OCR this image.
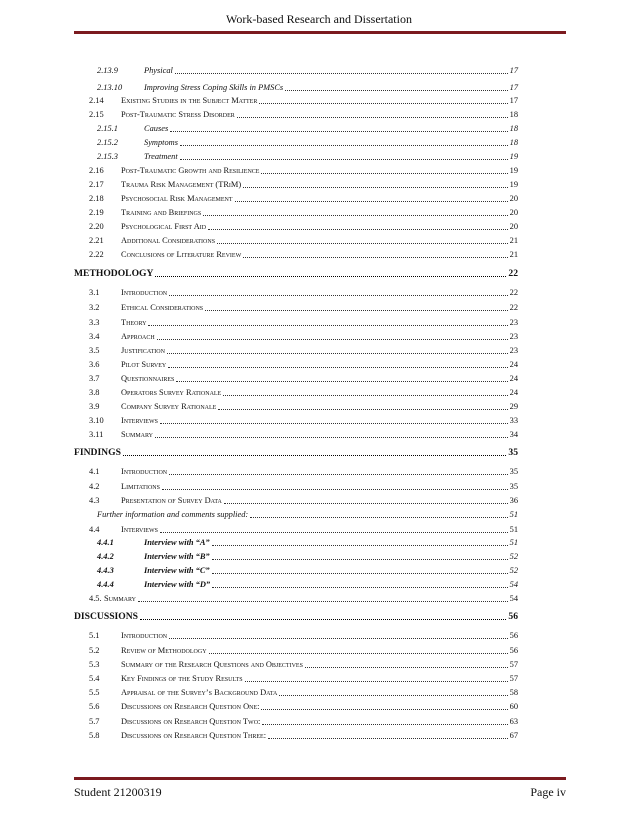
Work-based Research and Dissertation
2.13.9	Physical	17
2.13.10	Improving Stress Coping Skills in PMSCs	17
2.14	Existing Studies in the Subject Matter	17
2.15	Post-Traumatic Stress Disorder	18
2.15.1	Causes	18
2.15.2	Symptoms	18
2.15.3	Treatment	19
2.16	Post-Traumatic Growth and Resilience	19
2.17	Trauma Risk Management (TRiM)	19
2.18	Psychosocial Risk Management	20
2.19	Training and Briefings	20
2.20	Psychological First Aid	20
2.21	Additional Considerations	21
2.22	Conclusions of Literature Review	21
METHODOLOGY	22
3.1	Introduction	22
3.2	Ethical Considerations	22
3.3	Theory	23
3.4	Approach	23
3.5	Justification	23
3.6	Pilot Survey	24
3.7	Questionnaires	24
3.8	Operators Survey Rationale	24
3.9	Company Survey Rationale	29
3.10	Interviews	33
3.11	Summary	34
FINDINGS	35
4.1	Introduction	35
4.2	Limitations	35
4.3	Presentation of Survey Data	36
Further information and comments supplied:	51
4.4	Interviews	51
4.4.1	Interview with “A”	51
4.4.2	Interview with “B”	52
4.4.3	Interview with “C”	52
4.4.4	Interview with “D”	54
4.5. Summary	54
DISCUSSIONS	56
5.1	Introduction	56
5.2	Review of Methodology	56
5.3	Summary of the Research Questions and Objectives	57
5.4	Key Findings of the Study Results	57
5.5	Appraisal of the Survey’s Background Data	58
5.6	Discussions on Research Question One:	60
5.7	Discussions on Research Question Two:	63
5.8	Discussions on Research Question Three:	67
Student 21200319	Page iv
